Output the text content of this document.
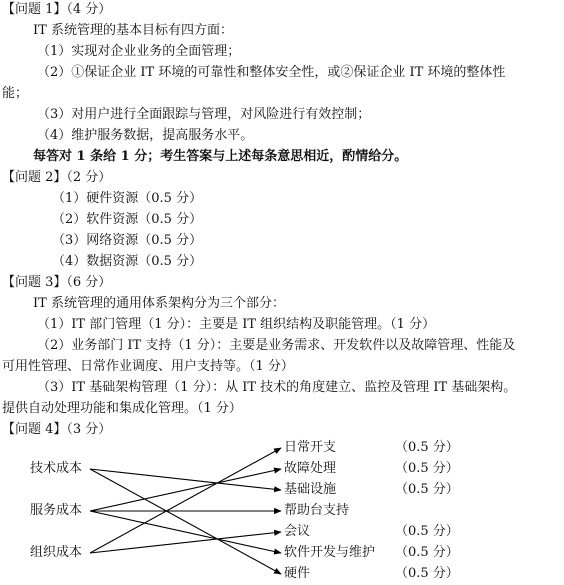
【问题 1】（4 分）
IT 系统管理的基本目标有四方面：
（1）实现对企业业务的全面管理；
（2）①保证企业 IT 环境的可靠性和整体安全性，或②保证企业 IT 环境的整体性
能；
（3）对用户进行全面跟踪与管理，对风险进行有效控制；
（4）维护服务数据，提高服务水平。
每答对 1 条给 1 分；考生答案与上述每条意思相近，酌情给分。
【问题 2】（2 分）
（1）硬件资源（0.5 分）
（2）软件资源（0.5 分）
（3）网络资源（0.5 分）
（4）数据资源（0.5 分）
【问题 3】（6 分）
IT 系统管理的通用体系架构分为三个部分：
（1）IT 部门管理（1 分）：主要是 IT 组织结构及职能管理。（1 分）
（2）业务部门 IT 支持（1 分）：主要是业务需求、开发软件以及故障管理、性能及
可用性管理、日常作业调度、用户支持等。（1 分）
（3）IT 基础架构管理（1 分）：从 IT 技术的角度建立、监控及管理 IT 基础架构。
提供自动处理功能和集成化管理。（1 分）
【问题 4】（3 分）
技术成本
服务成本
组织成本
日常开支
故障处理
基础设施
帮助台支持
会议
软件开发与维护
硬件
（0.5 分）
（0.5 分）
（0.5 分）
（0.5 分）
（0.5 分）
（0.5 分）
